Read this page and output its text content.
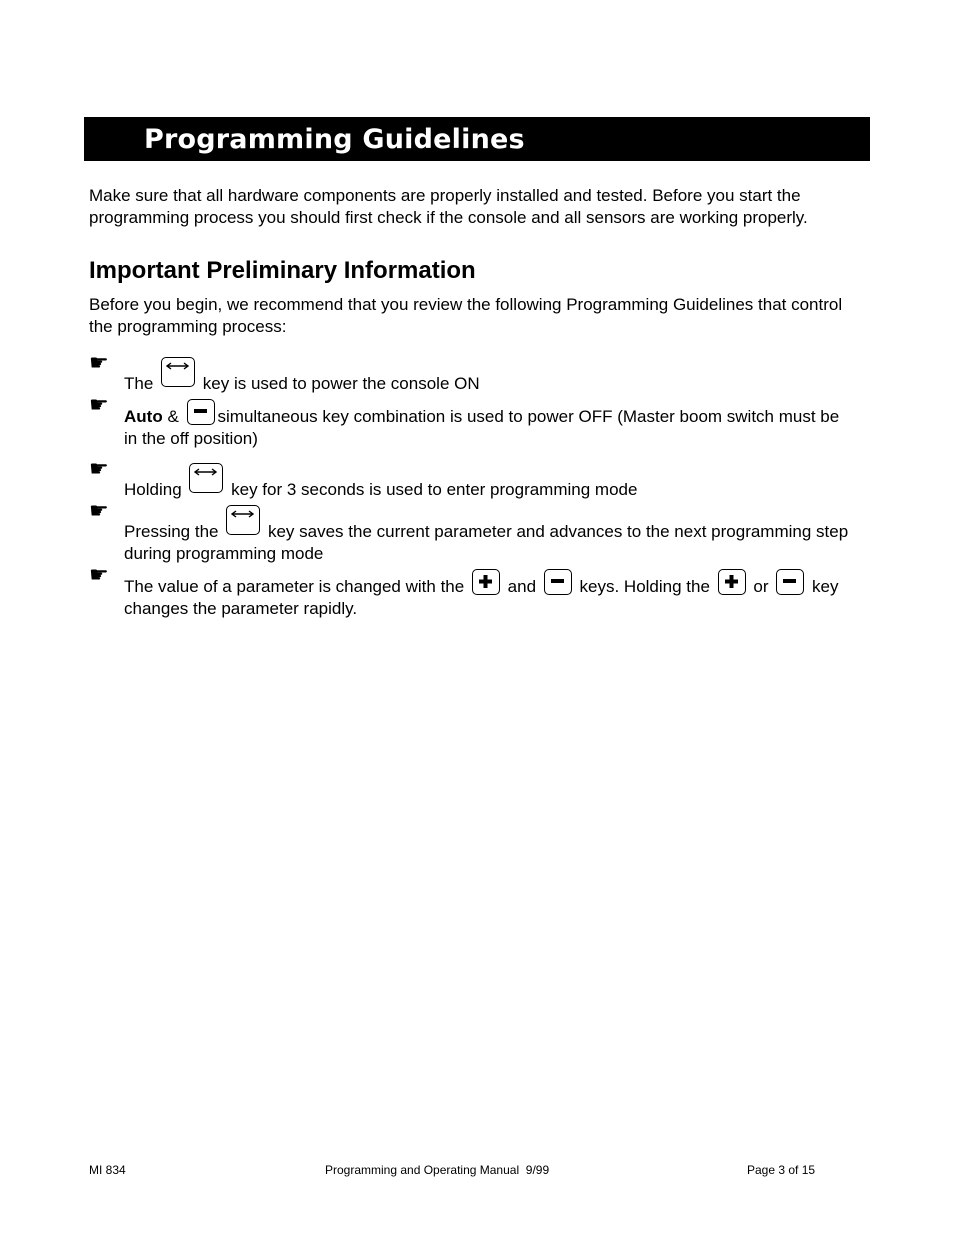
Programming Guidelines
Make sure that all hardware components are properly installed and tested. Before you start the programming process you should first check if the console and all sensors are working properly.
Important Preliminary Information
Before you begin, we recommend that you review the following Programming Guidelines that control the programming process:
☛
The	key is used to power the console ON
☛ Auto & simultaneous key combination is used to power OFF (Master boom switch must be in the off position)
☛
Holding	key for 3 seconds is used to enter programming mode
☛
Pressing the	key saves the current parameter and advances to the next programming step during programming mode
☛ The value of a parameter is changed with the	and	keys. Holding the	or	key changes the parameter rapidly.
MI 834	Programming and Operating Manual  9/99	Page 3 of 15
